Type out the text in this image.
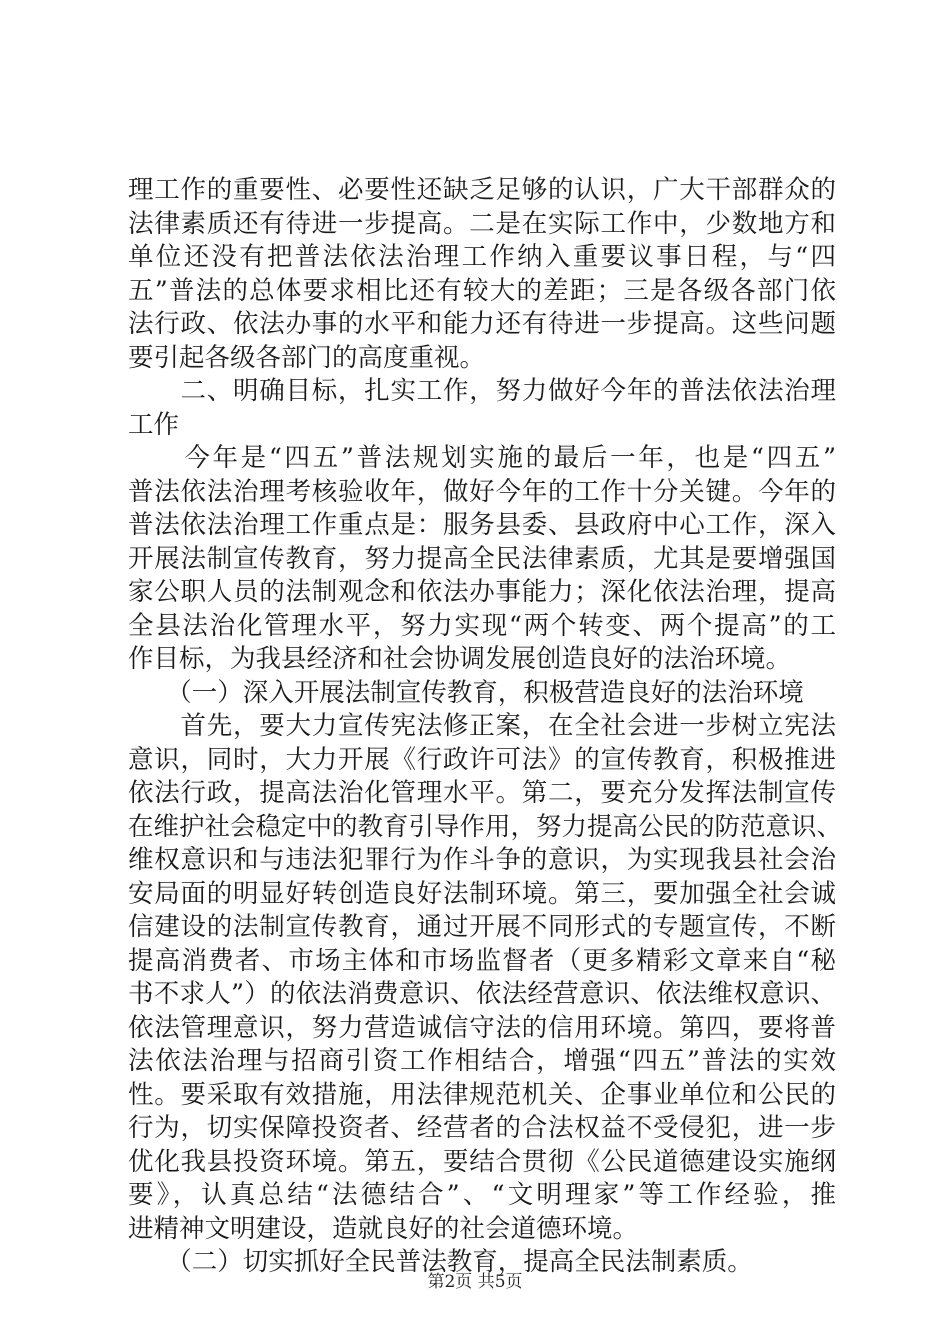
理工作的重要性、必要性还缺乏足够的认识，广大干部群众的
法律素质还有待进一步提高。二是在实际工作中，少数地方和
单位还没有把普法依法治理工作纳入重要议事日程，与“四
五”普法的总体要求相比还有较大的差距；三是各级各部门依
法行政、依法办事的水平和能力还有待进一步提高。这些问题
要引起各级各部门的高度重视。
　　二、明确目标，扎实工作，努力做好今年的普法依法治理
工作
　　今年是“四五”普法规划实施的最后一年，也是“四五”
普法依法治理考核验收年，做好今年的工作十分关键。今年的
普法依法治理工作重点是：服务县委、县政府中心工作，深入
开展法制宣传教育，努力提高全民法律素质，尤其是要增强国
家公职人员的法制观念和依法办事能力；深化依法治理，提高
全县法治化管理水平，努力实现“两个转变、两个提高”的工
作目标，为我县经济和社会协调发展创造良好的法治环境。
　　（一）深入开展法制宣传教育，积极营造良好的法治环境
　　首先，要大力宣传宪法修正案，在全社会进一步树立宪法
意识，同时，大力开展《行政许可法》的宣传教育，积极推进
依法行政，提高法治化管理水平。第二，要充分发挥法制宣传
在维护社会稳定中的教育引导作用，努力提高公民的防范意识、
维权意识和与违法犯罪行为作斗争的意识，为实现我县社会治
安局面的明显好转创造良好法制环境。第三，要加强全社会诚
信建设的法制宣传教育，通过开展不同形式的专题宣传，不断
提高消费者、市场主体和市场监督者（更多精彩文章来自“秘
书不求人”）的依法消费意识、依法经营意识、依法维权意识、
依法管理意识，努力营造诚信守法的信用环境。第四，要将普
法依法治理与招商引资工作相结合，增强“四五”普法的实效
性。要采取有效措施，用法律规范机关、企事业单位和公民的
行为，切实保障投资者、经营者的合法权益不受侵犯，进一步
优化我县投资环境。第五，要结合贯彻《公民道德建设实施纲
要》，认真总结“法德结合”、“文明理家”等工作经验，推
进精神文明建设，造就良好的社会道德环境。
　　（二）切实抓好全民普法教育，提高全民法制素质。
第2页 共5页
